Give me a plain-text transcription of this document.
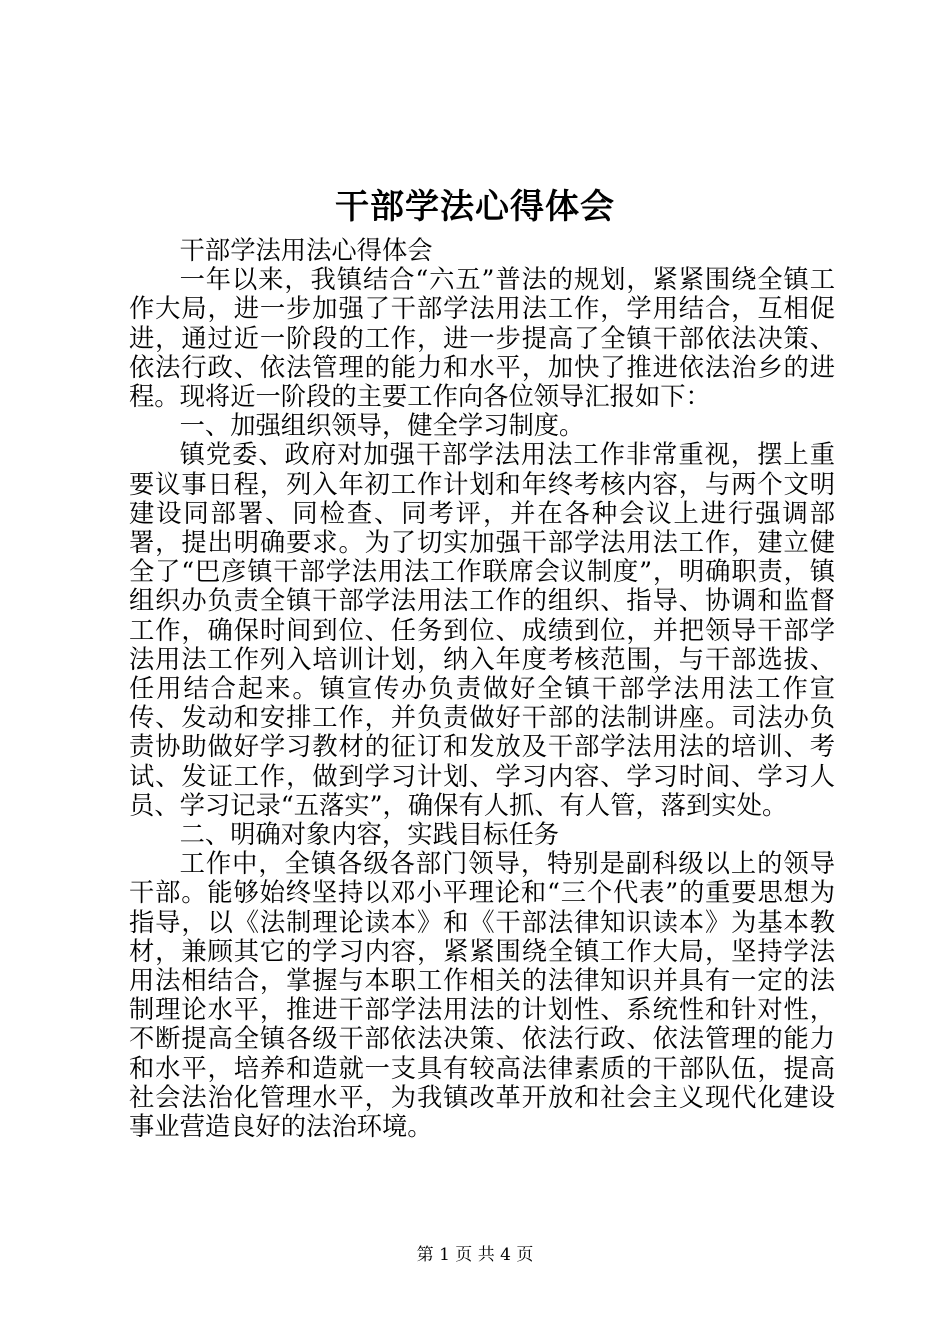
干部学法心得体会

干部学法用法心得体会

一年以来，我镇结合“六五”普法的规划，紧紧围绕全镇工作大局，进一步加强了干部学法用法工作，学用结合，互相促进，通过近一阶段的工作，进一步提高了全镇干部依法决策、依法行政、依法管理的能力和水平，加快了推进依法治乡的进程。现将近一阶段的主要工作向各位领导汇报如下：

一、加强组织领导，健全学习制度。

镇党委、政府对加强干部学法用法工作非常重视，摆上重要议事日程，列入年初工作计划和年终考核内容，与两个文明建设同部署、同检查、同考评，并在各种会议上进行强调部署，提出明确要求。为了切实加强干部学法用法工作，建立健全了“巴彦镇干部学法用法工作联席会议制度”，明确职责，镇组织办负责全镇干部学法用法工作的组织、指导、协调和监督工作，确保时间到位、任务到位、成绩到位，并把领导干部学法用法工作列入培训计划，纳入年度考核范围，与干部选拔、任用结合起来。镇宣传办负责做好全镇干部学法用法工作宣传、发动和安排工作，并负责做好干部的法制讲座。司法办负责协助做好学习教材的征订和发放及干部学法用法的培训、考试、发证工作，做到学习计划、学习内容、学习时间、学习人员、学习记录“五落实”，确保有人抓、有人管，落到实处。

二、明确对象内容，实践目标任务

工作中，全镇各级各部门领导，特别是副科级以上的领导干部。能够始终坚持以邓小平理论和“三个代表”的重要思想为指导，以《法制理论读本》和《干部法律知识读本》为基本教材，兼顾其它的学习内容，紧紧围绕全镇工作大局，坚持学法用法相结合，掌握与本职工作相关的法律知识并具有一定的法制理论水平，推进干部学法用法的计划性、系统性和针对性，不断提高全镇各级干部依法决策、依法行政、依法管理的能力和水平，培养和造就一支具有较高法律素质的干部队伍，提高社会法治化管理水平，为我镇改革开放和社会主义现代化建设事业营造良好的法治环境。

第 1 页 共 4 页
